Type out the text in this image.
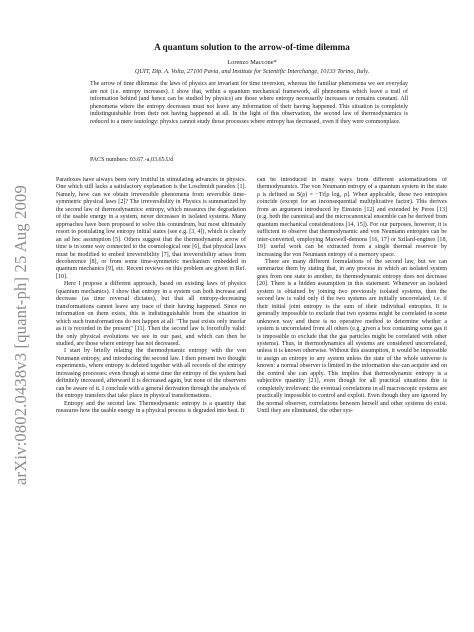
arXiv:0802.0438v3 [quant-ph] 25 Aug 2009
A quantum solution to the arrow-of-time dilemma
Lorenzo Maccone*
QUIT, Dip. A. Volta, 27100 Pavia, and Institute for Scientific Interchange, 10133 Torino, Italy.
The arrow of time dilemma: the laws of physics are invariant for time inversion, whereas the familiar phenomena we see everyday are not (i.e. entropy increases). I show that, within a quantum mechanical framework, all phenomena which leave a trail of information behind (and hence can be studied by physics) are those where entropy necessarily increases or remains constant. All phenomena where the entropy decreases must not leave any information of their having happened. This situation is completely indistinguishable from their not having happened at all. In the light of this observation, the second law of thermodynamics is reduced to a mere tautology: physics cannot study those processes where entropy has decreased, even if they were commonplace.
PACS numbers: 03.67.-a,03.65.Ud

Paradoxes have always been very fruitful in stimulating advances in physics. One which still lacks a satisfactory explanation is the Loschmidt paradox [1]. Namely, how can we obtain irreversible phenomena from reversible time-symmetric physical laws [2]? The irreversibility in Physics is summarized by the second law of thermodynamics: entropy, which measures the degradation of the usable energy in a system, never decreases in isolated systems. Many approaches have been proposed to solve this conundrum, but most ultimately resort to postulating low entropy initial states (see e.g. [3, 4]), which is clearly an ad hoc assumption [5]. Others suggest that the thermodynamic arrow of time is in some way connected to the cosmological one [6], that physical laws must be modified to embed irreversibility [7], that irreversibility arises from decoherence [8], or from some time-symmetric mechanism embedded in quantum mechanics [9], etc. Recent reviews on this problem are given in Ref. [10].

Here I propose a different approach, based on existing laws of physics (quantum mechanics). I show that entropy in a system can both increase and decrease (as time reversal dictates), but that all entropy-decreasing transformations cannot leave any trace of their having happened. Since no information on them exists, this is indistinguishable from the situation in which such transformations do not happen at all: "The past exists only insofar as it is recorded in the present" [11]. Then the second law is forcefully valid: the only physical evolutions we see in our past, and which can then be studied, are those where entropy has not decreased.

I start by briefly relating the thermodynamic entropy with the von Neumann entropy, and introducing the second law. I then present two thought experiments, where entropy is deleted together with all records of the entropy increasing processes: even though at some time the entropy of the system had definitely increased, afterward it is decreased again, but none of the observers can be aware of it. I conclude with a general derivation through the analysis of the entropy transfers that take place in physical transformations.

Entropy and the second law. Thermodynamic entropy is a quantity that measures how the usable energy in a physical process is degraded into heat. It

can be introduced in many ways from different axiomatizations of thermodynamics. The von Neumann entropy of a quantum system in the state ρ is defined as S(ρ) = −Tr[ρ log₂ ρ]. When applicable, these two entropies coincide (except for an inconsequential multiplicative factor). This derives from an argument introduced by Einstein [12] and extended by Peres [13] (e.g. both the canonical and the microcanonical ensemble can be derived from quantum mechanical considerations [14, 15]). For our purposes, however, it is sufficient to observe that thermodynamic and von Neumann entropies can be inter-converted, employing Maxwell-demons [16, 17] or Szilard-engines [18, 19]: useful work can be extracted from a single thermal reservoir by increasing the von Neumann entropy of a memory space.

There are many different formulations of the second law, but we can summarize them by stating that, in any process in which an isolated system goes from one state to another, its thermodynamic entropy does not decrease [20]. There is a hidden assumption in this statement. Whenever an isolated system is obtained by joining two previously isolated systems, then the second law is valid only if the two systems are initially uncorrelated, i.e. if their initial joint entropy is the sum of their individual entropies. It is generally impossible to exclude that two systems might be correlated in some unknown way and there is no operative method to determine whether a system is uncorrelated from all others (e.g. given a box containing some gas it is impossible to exclude that the gas particles might be correlated with other systems). Thus, in thermodynamics all systems are considered uncorrelated, unless it is known otherwise. Without this assumption, it would be impossible to assign an entropy to any system unless the state of the whole universe is known: a normal observer is limited in the information she can acquire and on the control she can apply. This implies that thermodynamic entropy is a subjective quantity [21], even though for all practical situations this is completely irrelevant: the eventual correlations in all macroscopic systems are practically impossible to control and exploit. Even though they are ignored by the normal observer, correlations between herself and other systems do exist. Until they are eliminated, the other sys-
